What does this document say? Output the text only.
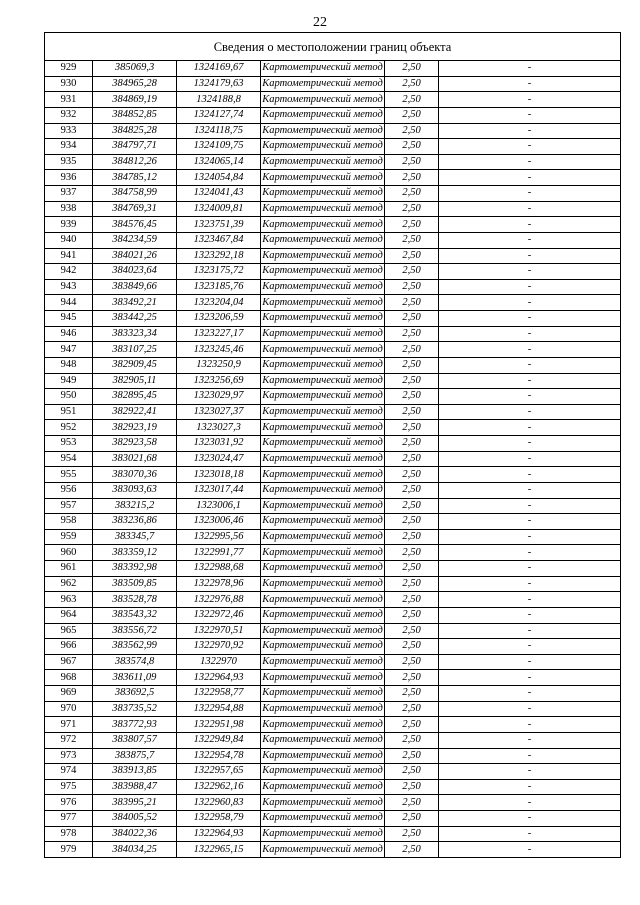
22
Сведения о местоположении границ объекта					
929	385069,3	1324169,67	Картометрический метод	2,50	-
930	384965,28	1324179,63	Картометрический метод	2,50	-
931	384869,19	1324188,8	Картометрический метод	2,50	-
932	384852,85	1324127,74	Картометрический метод	2,50	-
933	384825,28	1324118,75	Картометрический метод	2,50	-
934	384797,71	1324109,75	Картометрический метод	2,50	-
935	384812,26	1324065,14	Картометрический метод	2,50	-
936	384785,12	1324054,84	Картометрический метод	2,50	-
937	384758,99	1324041,43	Картометрический метод	2,50	-
938	384769,31	1324009,81	Картометрический метод	2,50	-
939	384576,45	1323751,39	Картометрический метод	2,50	-
940	384234,59	1323467,84	Картометрический метод	2,50	-
941	384021,26	1323292,18	Картометрический метод	2,50	-
942	384023,64	1323175,72	Картометрический метод	2,50	-
943	383849,66	1323185,76	Картометрический метод	2,50	-
944	383492,21	1323204,04	Картометрический метод	2,50	-
945	383442,25	1323206,59	Картометрический метод	2,50	-
946	383323,34	1323227,17	Картометрический метод	2,50	-
947	383107,25	1323245,46	Картометрический метод	2,50	-
948	382909,45	1323250,9	Картометрический метод	2,50	-
949	382905,11	1323256,69	Картометрический метод	2,50	-
950	382895,45	1323029,97	Картометрический метод	2,50	-
951	382922,41	1323027,37	Картометрический метод	2,50	-
952	382923,19	1323027,3	Картометрический метод	2,50	-
953	382923,58	1323031,92	Картометрический метод	2,50	-
954	383021,68	1323024,47	Картометрический метод	2,50	-
955	383070,36	1323018,18	Картометрический метод	2,50	-
956	383093,63	1323017,44	Картометрический метод	2,50	-
957	383215,2	1323006,1	Картометрический метод	2,50	-
958	383236,86	1323006,46	Картометрический метод	2,50	-
959	383345,7	1322995,56	Картометрический метод	2,50	-
960	383359,12	1322991,77	Картометрический метод	2,50	-
961	383392,98	1322988,68	Картометрический метод	2,50	-
962	383509,85	1322978,96	Картометрический метод	2,50	-
963	383528,78	1322976,88	Картометрический метод	2,50	-
964	383543,32	1322972,46	Картометрический метод	2,50	-
965	383556,72	1322970,51	Картометрический метод	2,50	-
966	383562,99	1322970,92	Картометрический метод	2,50	-
967	383574,8	1322970	Картометрический метод	2,50	-
968	383611,09	1322964,93	Картометрический метод	2,50	-
969	383692,5	1322958,77	Картометрический метод	2,50	-
970	383735,52	1322954,88	Картометрический метод	2,50	-
971	383772,93	1322951,98	Картометрический метод	2,50	-
972	383807,57	1322949,84	Картометрический метод	2,50	-
973	383875,7	1322954,78	Картометрический метод	2,50	-
974	383913,85	1322957,65	Картометрический метод	2,50	-
975	383988,47	1322962,16	Картометрический метод	2,50	-
976	383995,21	1322960,83	Картометрический метод	2,50	-
977	384005,52	1322958,79	Картометрический метод	2,50	-
978	384022,36	1322964,93	Картометрический метод	2,50	-
979	384034,25	1322965,15	Картометрический метод	2,50	-
